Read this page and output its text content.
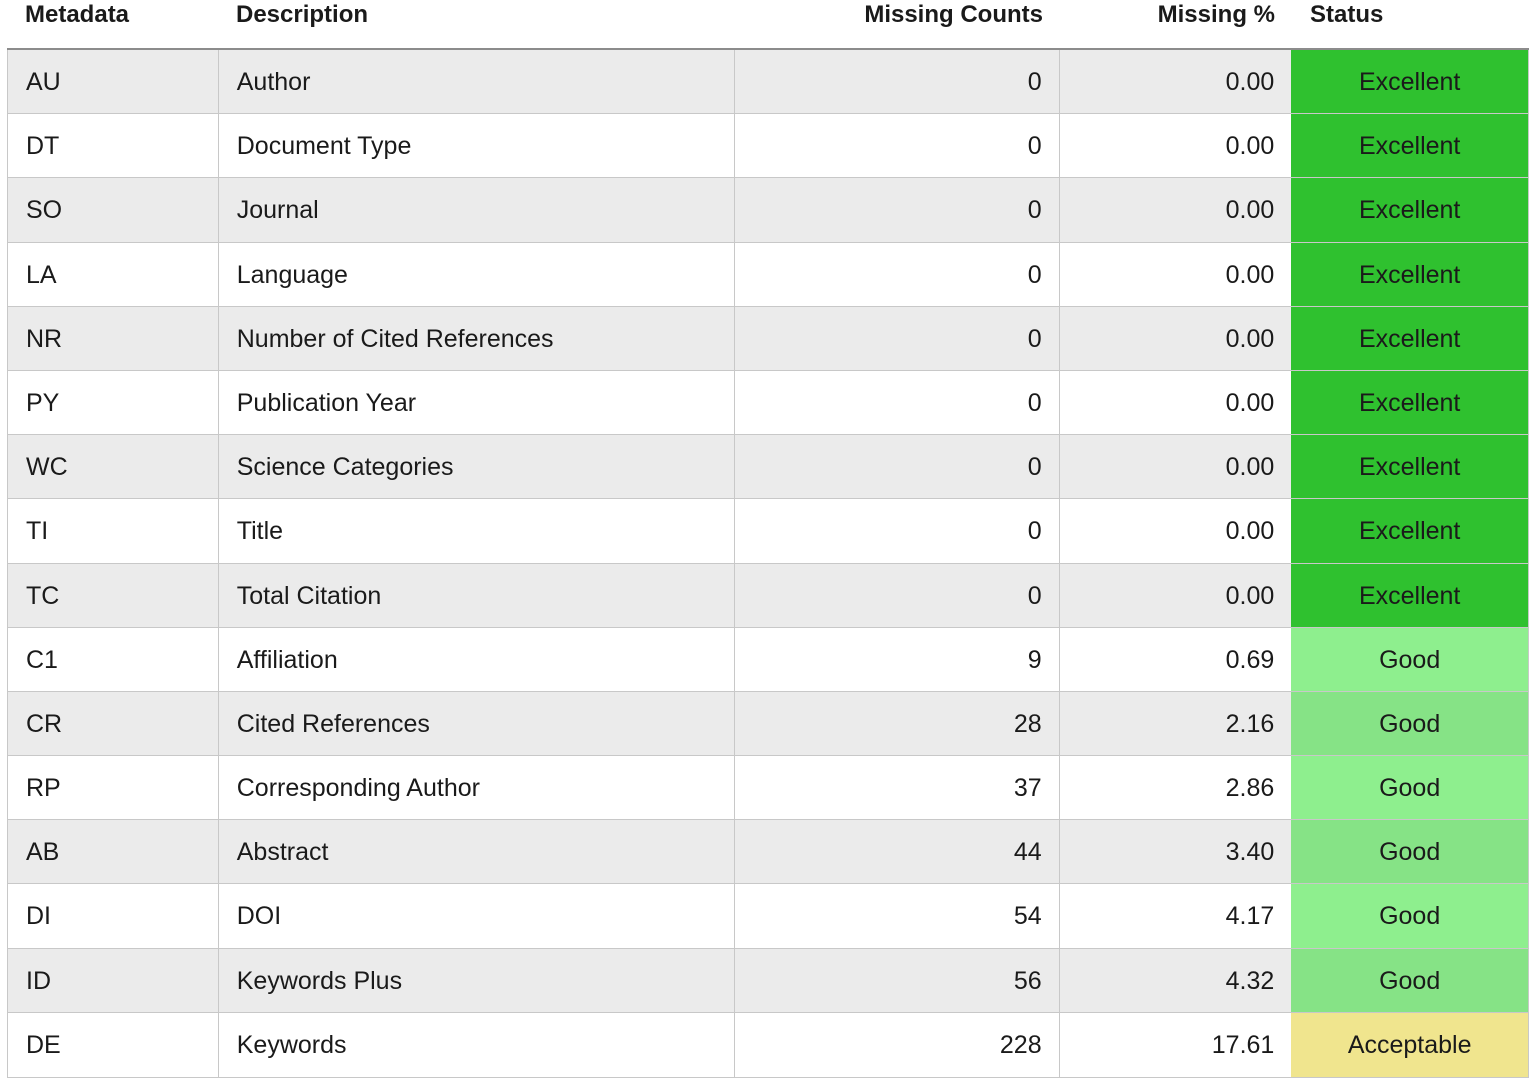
Metadata	Description	Missing Counts	Missing %	Status
AU	Author	0	0.00	Excellent
DT	Document Type	0	0.00	Excellent
SO	Journal	0	0.00	Excellent
LA	Language	0	0.00	Excellent
NR	Number of Cited References	0	0.00	Excellent
PY	Publication Year	0	0.00	Excellent
WC	Science Categories	0	0.00	Excellent
TI	Title	0	0.00	Excellent
TC	Total Citation	0	0.00	Excellent
C1	Affiliation	9	0.69	Good
CR	Cited References	28	2.16	Good
RP	Corresponding Author	37	2.86	Good
AB	Abstract	44	3.40	Good
DI	DOI	54	4.17	Good
ID	Keywords Plus	56	4.32	Good
DE	Keywords	228	17.61	Acceptable
